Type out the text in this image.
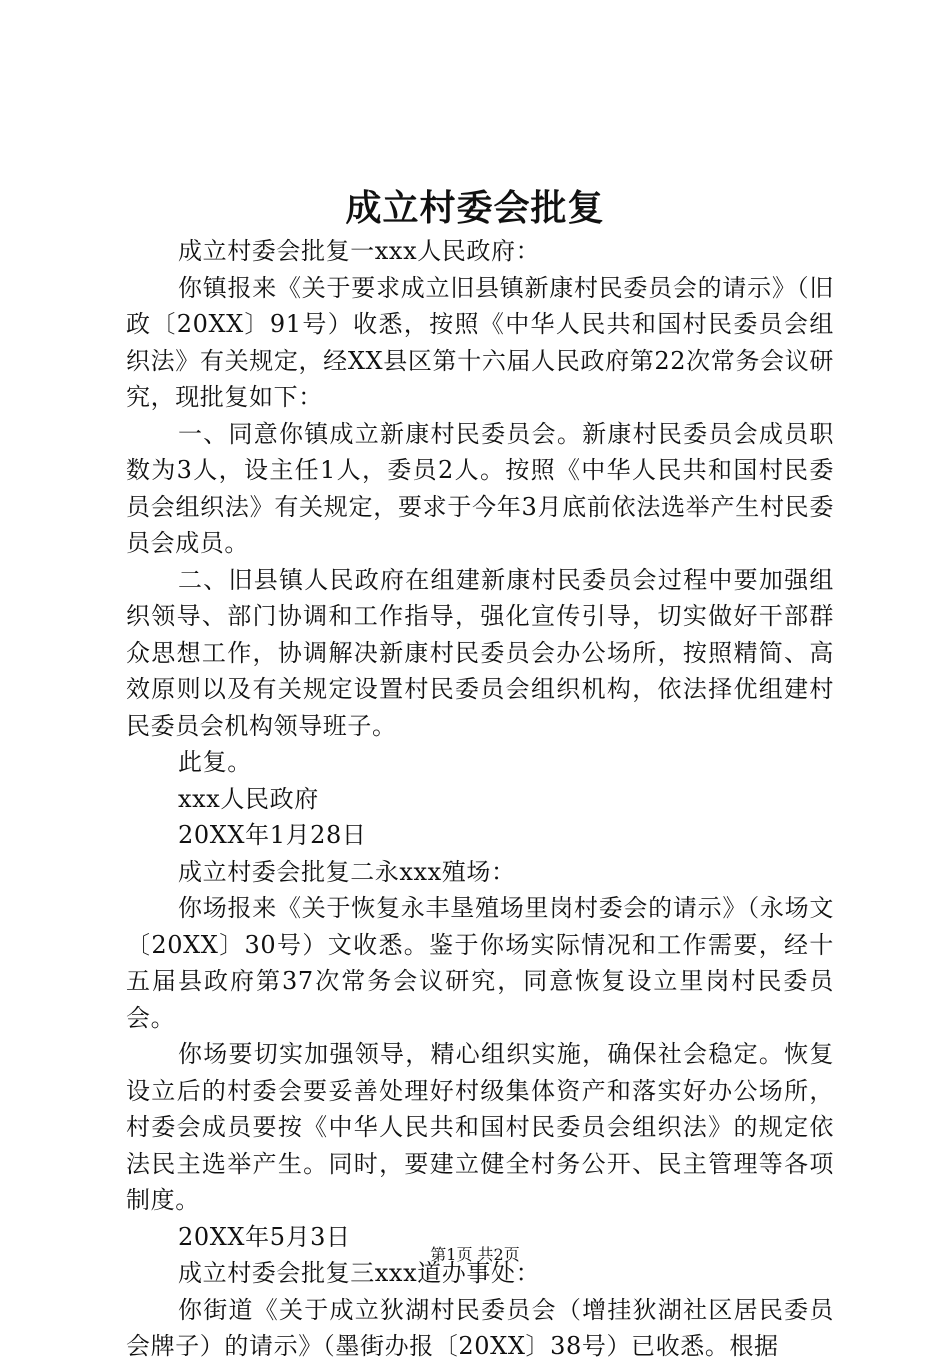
成立村委会批复

成立村委会批复一xxx人民政府：

你镇报来《关于要求成立旧县镇新康村民委员会的请示》（旧政〔20XX〕91号）收悉，按照《中华人民共和国村民委员会组织法》有关规定，经XX县区第十六届人民政府第22次常务会议研究，现批复如下：

一、同意你镇成立新康村民委员会。新康村民委员会成员职数为3人，设主任1人，委员2人。按照《中华人民共和国村民委员会组织法》有关规定，要求于今年3月底前依法选举产生村民委员会成员。

二、旧县镇人民政府在组建新康村民委员会过程中要加强组织领导、部门协调和工作指导，强化宣传引导，切实做好干部群众思想工作，协调解决新康村民委员会办公场所，按照精简、高效原则以及有关规定设置村民委员会组织机构，依法择优组建村民委员会机构领导班子。

此复。

xxx人民政府

20XX年1月28日

成立村委会批复二永xxx殖场：

你场报来《关于恢复永丰垦殖场里岗村委会的请示》（永场文〔20XX〕30号）文收悉。鉴于你场实际情况和工作需要，经十五届县政府第37次常务会议研究，同意恢复设立里岗村民委员会。

你场要切实加强领导，精心组织实施，确保社会稳定。恢复设立后的村委会要妥善处理好村级集体资产和落实好办公场所，村委会成员要按《中华人民共和国村民委员会组织法》的规定依法民主选举产生。同时，要建立健全村务公开、民主管理等各项制度。

20XX年5月3日

成立村委会批复三xxx道办事处：

你街道《关于成立狄湖村民委员会（增挂狄湖社区居民委员会牌子）的请示》（墨街办报〔20XX〕38号）已收悉。根据

第1页 共2页
